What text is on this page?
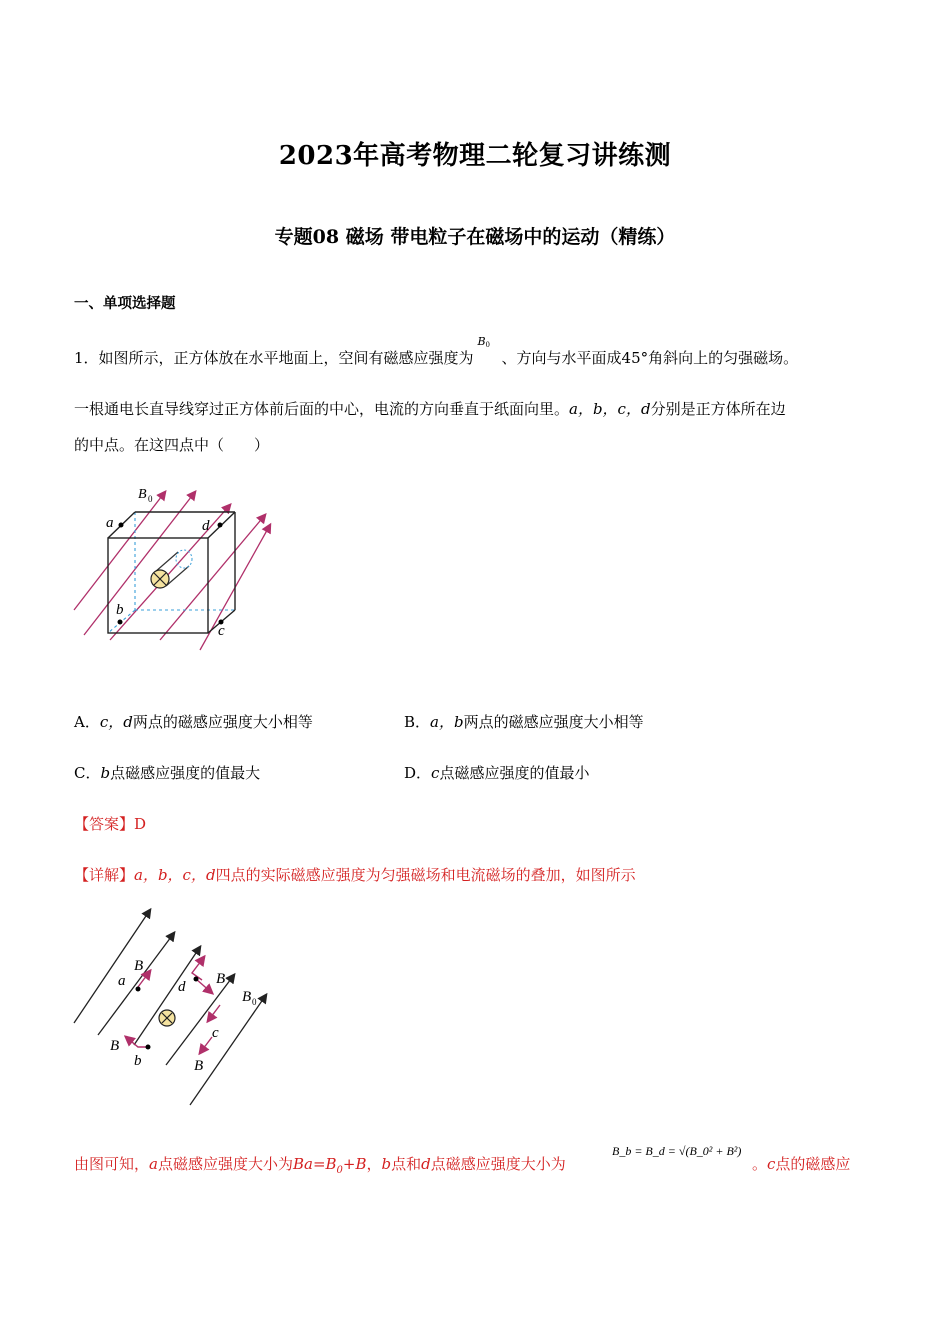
2023年高考物理二轮复习讲练测
专题08 磁场 带电粒子在磁场中的运动（精练）
一、单项选择题
1．如图所示，正方体放在水平地面上，空间有磁感应强度为
B 0
、方向与水平面成45°角斜向上的匀强磁场。
一根通电长直导线穿过正方体前后面的中心，电流的方向垂直于纸面向里。a，b，c，d分别是正方体所在边
的中点。在这四点中（　　）
B 0
a
b
c
d
A．c，d两点的磁感应强度大小相等	B．a，b两点的磁感应强度大小相等
C．b点磁感应强度的值最大	D．c点磁感应强度的值最小
【答案】D
【详解】a，b，c，d四点的实际磁感应强度为匀强磁场和电流磁场的叠加，如图所示
a
b
c
d
B
B
B
B
B 0
由图可知，a点磁感应强度大小为$Ba=B_0+B$，b点和d点磁感应强度大小为
B_b = B_d = √(B_0² + B²)
。c点的磁感应
